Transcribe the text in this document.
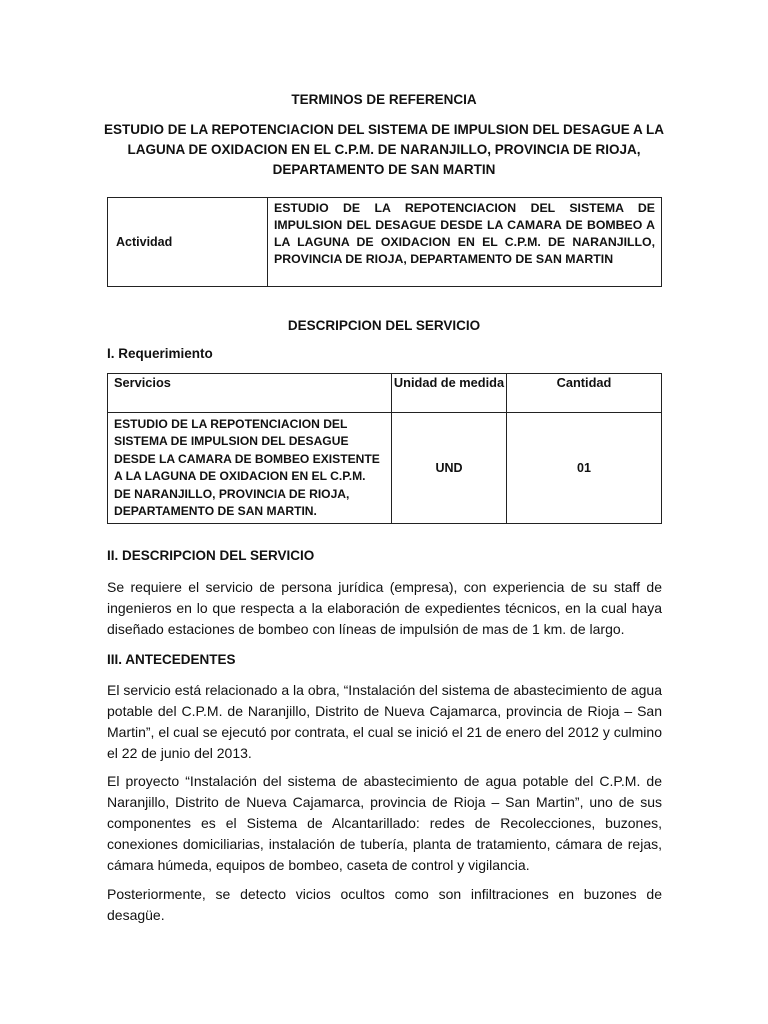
TERMINOS DE REFERENCIA
ESTUDIO DE LA REPOTENCIACION DEL SISTEMA DE IMPULSION DEL DESAGUE A LA LAGUNA DE OXIDACION EN EL C.P.M. DE NARANJILLO, PROVINCIA DE RIOJA, DEPARTAMENTO DE SAN MARTIN
Actividad	ESTUDIO DE LA REPOTENCIACION DEL SISTEMA DE IMPULSION DEL DESAGUE DESDE LA CAMARA DE BOMBEO A LA LAGUNA DE OXIDACION EN EL C.P.M. DE NARANJILLO, PROVINCIA DE RIOJA, DEPARTAMENTO DE SAN MARTIN
DESCRIPCION DEL SERVICIO
I. Requerimiento
Servicios	Unidad de medida	Cantidad
ESTUDIO DE LA REPOTENCIACION DEL SISTEMA DE IMPULSION DEL DESAGUE DESDE LA CAMARA DE BOMBEO EXISTENTE A LA LAGUNA DE OXIDACION EN EL C.P.M. DE NARANJILLO, PROVINCIA DE RIOJA, DEPARTAMENTO DE SAN MARTIN.	UND	01
II. DESCRIPCION DEL SERVICIO
Se requiere el servicio de persona jurídica (empresa), con experiencia de su staff de ingenieros en lo que respecta a la elaboración de expedientes técnicos, en la cual haya diseñado estaciones de bombeo con líneas de impulsión de mas de 1 km. de largo.
III. ANTECEDENTES
El servicio está relacionado a la obra, “Instalación del sistema de abastecimiento de agua potable del C.P.M. de Naranjillo, Distrito de Nueva Cajamarca, provincia de Rioja – San Martin”, el cual se ejecutó por contrata, el cual se inició el 21 de enero del 2012 y culmino el 22 de junio del 2013.
El proyecto “Instalación del sistema de abastecimiento de agua potable del C.P.M. de Naranjillo, Distrito de Nueva Cajamarca, provincia de Rioja – San Martin”, uno de sus componentes es el Sistema de Alcantarillado: redes de Recolecciones, buzones, conexiones domiciliarias, instalación de tubería, planta de tratamiento, cámara de rejas, cámara húmeda, equipos de bombeo, caseta de control y vigilancia.
Posteriormente, se detecto vicios ocultos como son infiltraciones en buzones de desagüe.
